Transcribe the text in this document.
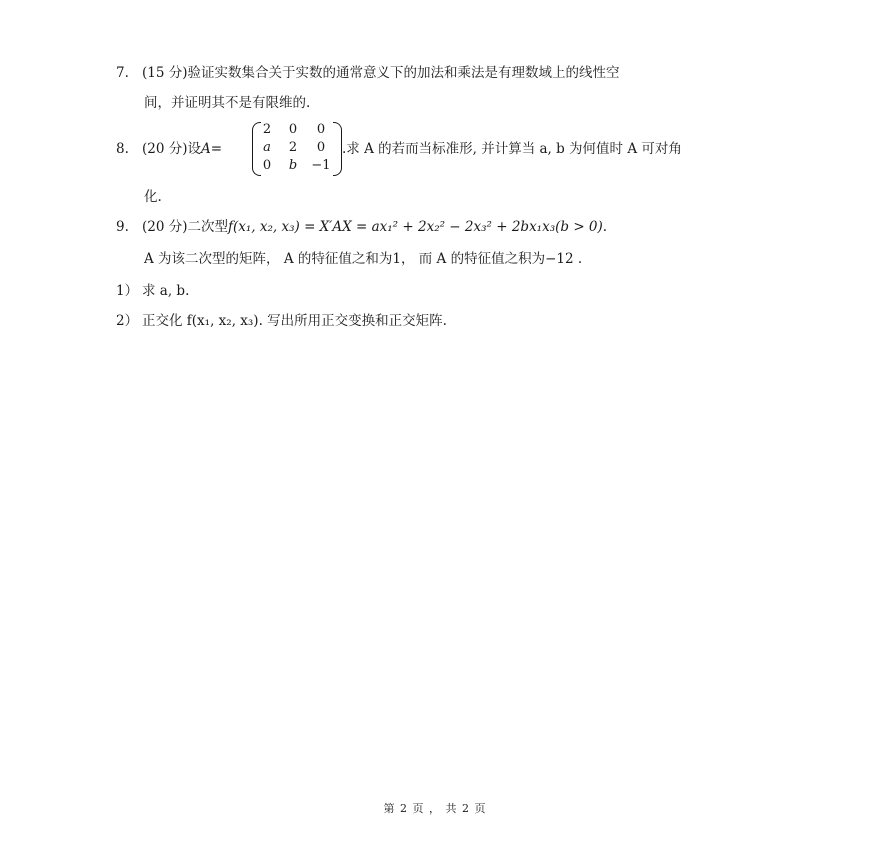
7. (15 分)验证实数集合关于实数的通常意义下的加法和乘法是有理数域上的线性空
间，并证明其不是有限维的.
8. (20 分)设A=
2	0	0
a	2	0
0	b	−1
.求 A 的若而当标准形, 并计算当 a, b 为何值时 A 可对角
化.
9. (20 分)二次型f(x₁, x₂, x₃) = X′AX = ax₁² + 2x₂² − 2x₃² + 2bx₁x₃(b > 0).
A 为该二次型的矩阵， A 的特征值之和为1， 而 A 的特征值之积为−12 .
1） 求 a, b.
2） 正交化 f(x₁, x₂, x₃). 写出所用正交变换和正交矩阵.
第 2 页 ， 共 2 页
